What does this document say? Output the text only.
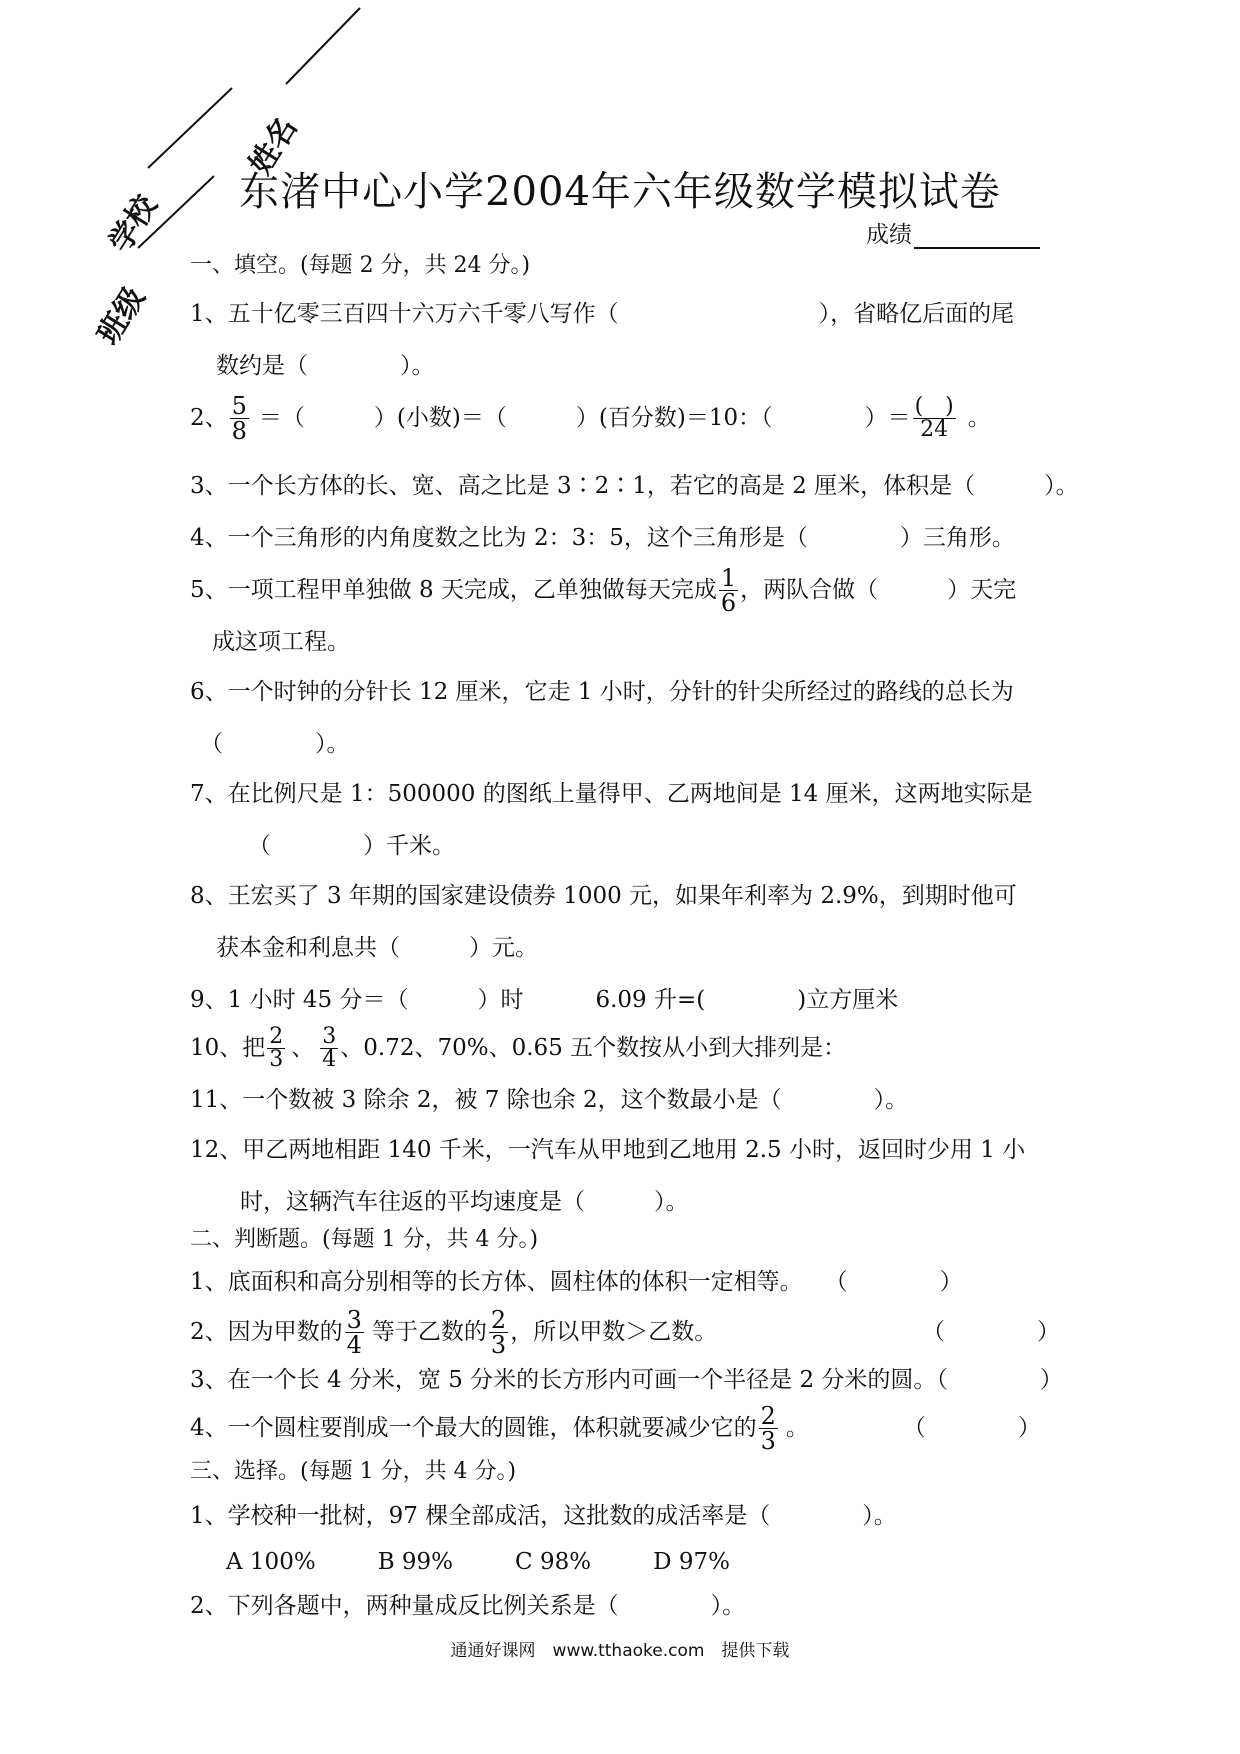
学校
班级
姓名
东渚中心小学2004年六年级数学模拟试卷
成绩
一、填空。(每题 2 分，共 24 分。)
1、五十亿零三百四十六万六千零八写作（	），省略亿后面的尾
数约是（　　　　）。
2、 $\frac{5}{8}$ ＝（　　　）(小数)＝（　　　）(百分数)＝10：（　　　　）＝ $\frac{( )}{24}$ 。
3、一个长方体的长、宽、高之比是 3∶2∶1，若它的高是 2 厘米，体积是（　　　）。
4、一个三角形的内角度数之比为 2：3：5，这个三角形是（　　　　）三角形。
5、一项工程甲单独做 8 天完成，乙单独做每天完成 $\frac{1}{6}$ ，两队合做（　　　）天完
成这项工程。
6、一个时钟的分针长 12 厘米，它走 1 小时，分针的针尖所经过的路线的总长为
（　　　　）。
7、在比例尺是 1：500000 的图纸上量得甲、乙两地间是 14 厘米，这两地实际是
（　　　　）千米。
8、王宏买了 3 年期的国家建设债券 1000 元，如果年利率为 2.9%，到期时他可
获本金和利息共（　　　）元。
9、1 小时 45 分＝（　　　）时	6.09 升=(　　　　)立方厘米
10、把 $\frac{2}{3}$ 、 $\frac{3}{4}$ 、0.72、70%、0.65 五个数按从小到大排列是：
11、一个数被 3 除余 2，被 7 除也余 2，这个数最小是（　　　　）。
12、甲乙两地相距 140 千米，一汽车从甲地到乙地用 2.5 小时，返回时少用 1 小
时，这辆汽车往返的平均速度是（　　　）。
二、判断题。(每题 1 分，共 4 分。)
1、底面积和高分别相等的长方体、圆柱体的体积一定相等。 （　　　　）
2、因为甲数的 $\frac{3}{4}$ 等于乙数的 $\frac{2}{3}$ ，所以甲数＞乙数。	（　　　　）
3、在一个长 4 分米，宽 5 分米的长方形内可画一个半径是 2 分米的圆。（　　　　）
4、一个圆柱要削成一个最大的圆锥，体积就要减少它的 $\frac{2}{3}$ 。	（　　　　）
三、选择。(每题 1 分，共 4 分。)
1、学校种一批树，97 棵全部成活，这批数的成活率是（　　　　）。
A 100%	B 99%	C 98%	D 97%
2、下列各题中，两种量成反比例关系是（　　　　）。
通通好课网　www.tthaoke.com　提供下载
